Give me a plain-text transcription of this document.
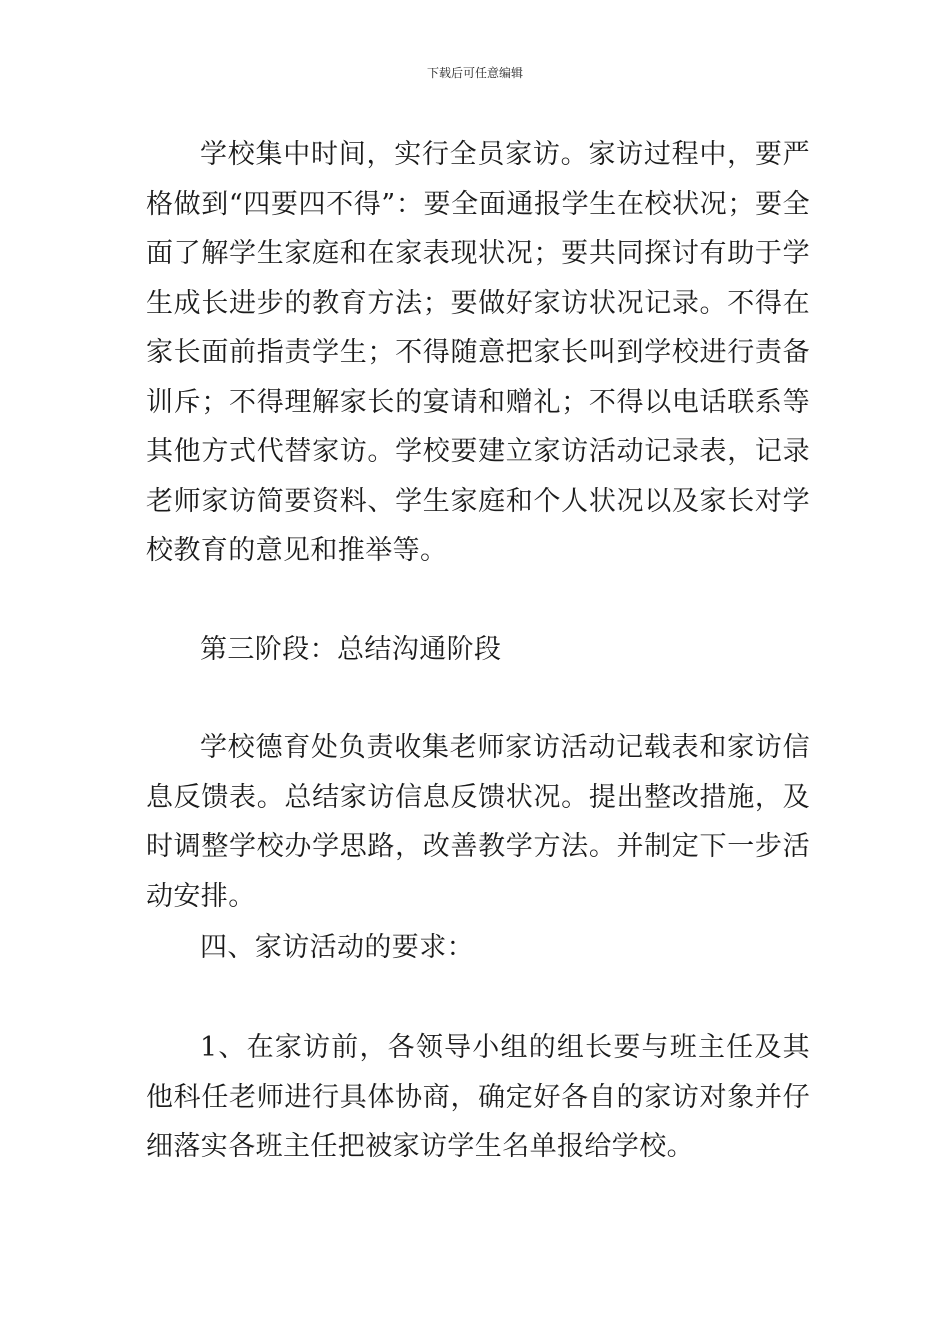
下载后可任意编辑

学校集中时间，实行全员家访。家访过程中，要严格做到“四要四不得”：要全面通报学生在校状况；要全面了解学生家庭和在家表现状况；要共同探讨有助于学生成长进步的教育方法；要做好家访状况记录。不得在家长面前指责学生；不得随意把家长叫到学校进行责备训斥；不得理解家长的宴请和赠礼；不得以电话联系等其他方式代替家访。学校要建立家访活动记录表，记录老师家访简要资料、学生家庭和个人状况以及家长对学校教育的意见和推举等。

第三阶段：总结沟通阶段

学校德育处负责收集老师家访活动记载表和家访信息反馈表。总结家访信息反馈状况。提出整改措施，及时调整学校办学思路，改善教学方法。并制定下一步活动安排。

四、家访活动的要求：

1、在家访前，各领导小组的组长要与班主任及其他科任老师进行具体协商，确定好各自的家访对象并仔细落实各班主任把被家访学生名单报给学校。
